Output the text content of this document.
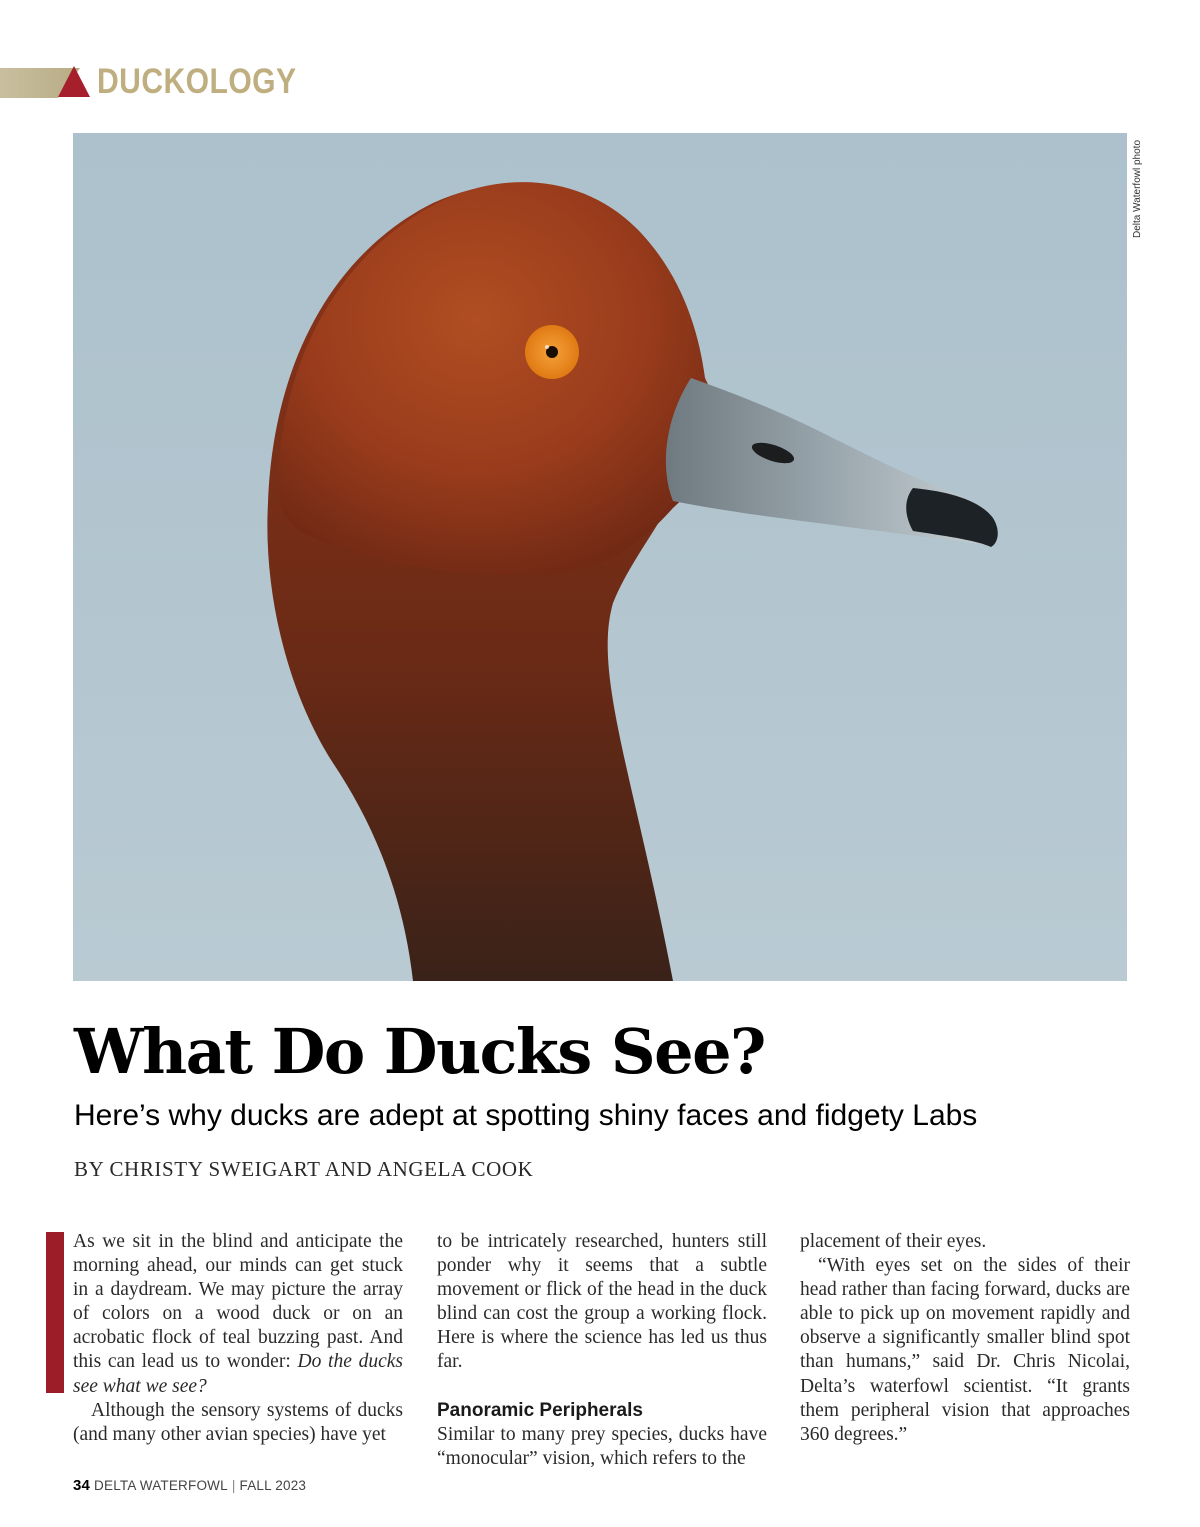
DUCKOLOGY
Delta Waterfowl photo
What Do Ducks See?
Here’s why ducks are adept at spotting shiny faces and fidgety Labs
BY CHRISTY SWEIGART AND ANGELA COOK

As we sit in the blind and anticipate the morning ahead, our minds can get stuck in a daydream. We may picture the array of colors on a wood duck or on an acrobatic flock of teal buzzing past. And this can lead us to wonder: Do the ducks see what we see?

Although the sensory systems of ducks (and many other avian species) have yet

to be intricately researched, hunters still ponder why it seems that a subtle movement or flick of the head in the duck blind can cost the group a working flock. Here is where the science has led us thus far.

Panoramic Peripherals

Similar to many prey species, ducks have “monocular” vision, which refers to the

placement of their eyes.

“With eyes set on the sides of their head rather than facing forward, ducks are able to pick up on movement rapidly and observe a significantly smaller blind spot than humans,” said Dr. Chris Nicolai, Delta’s waterfowl scientist. “It grants them peripheral vision that approaches 360 degrees.”

34 DELTA WATERFOWL | FALL 2023
